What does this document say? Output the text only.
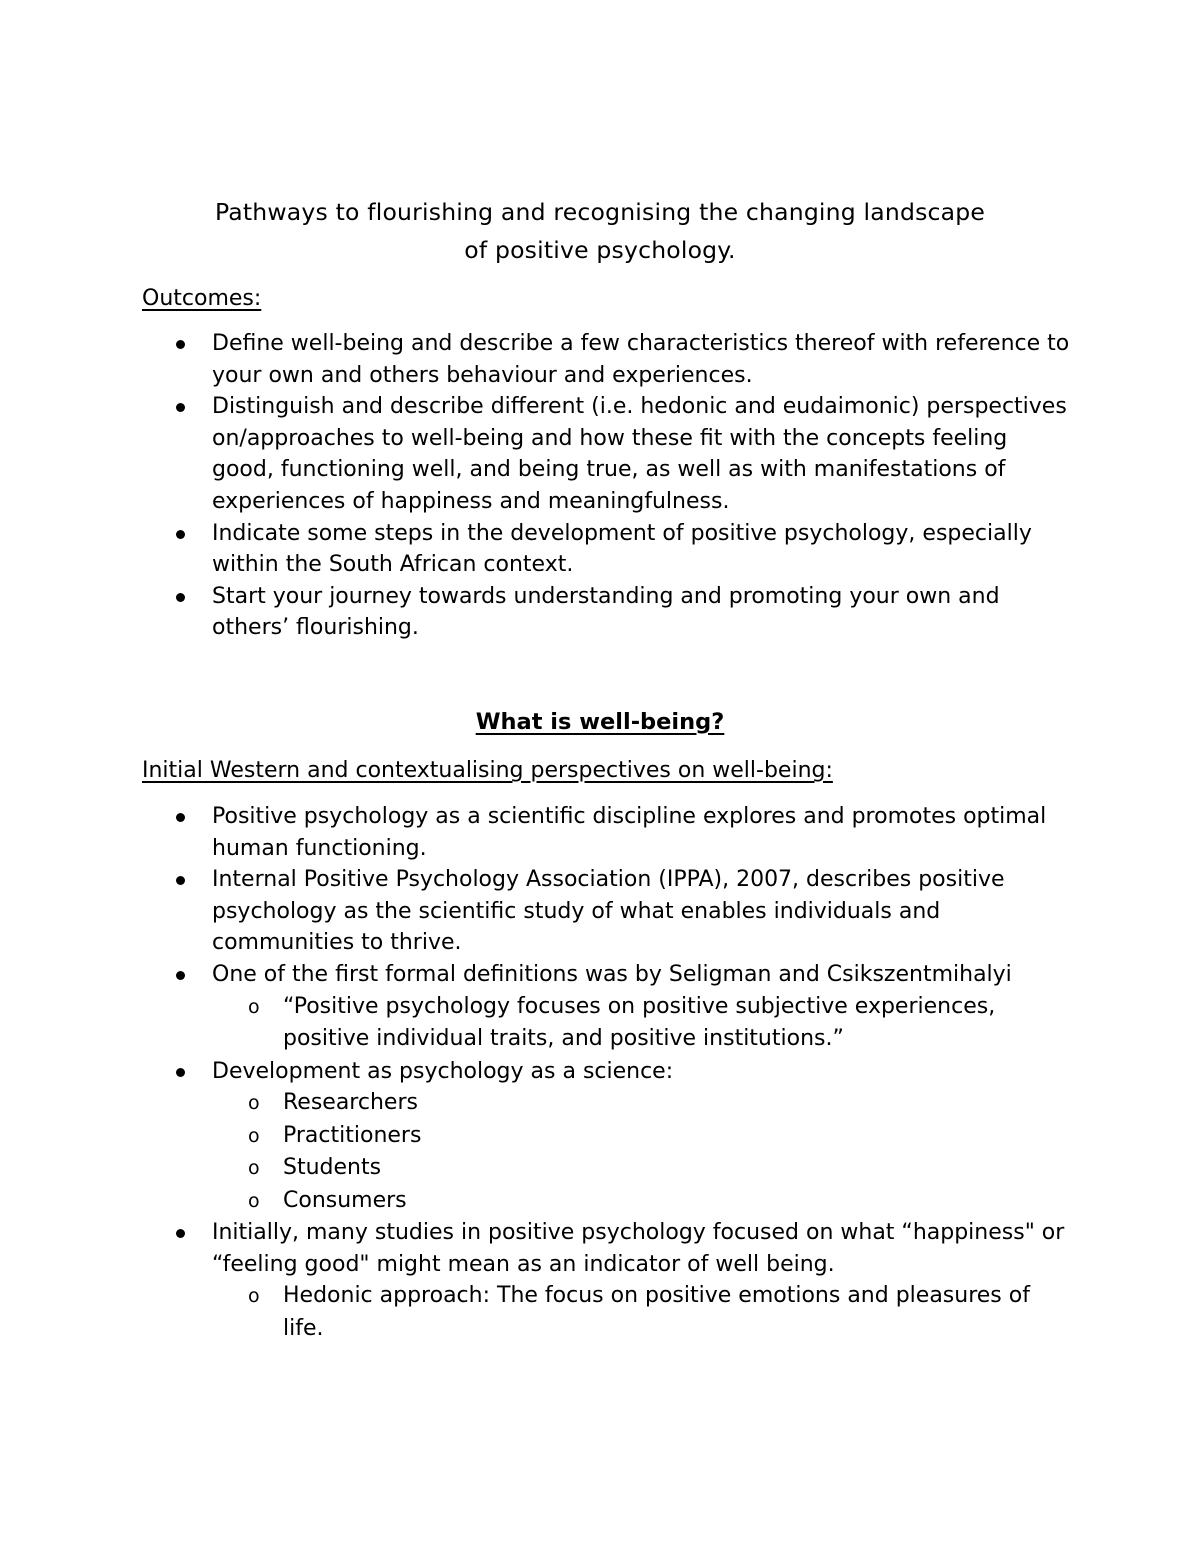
Pathways to flourishing and recognising the changing landscape
of positive psychology.
Outcomes:
Define well-being and describe a few characteristics thereof with reference to your own and others behaviour and experiences.
Distinguish and describe different (i.e. hedonic and eudaimonic) perspectives on/approaches to well-being and how these fit with the concepts feeling good, functioning well, and being true, as well as with manifestations of experiences of happiness and meaningfulness.
Indicate some steps in the development of positive psychology, especially within the South African context.
Start your journey towards understanding and promoting your own and others’ flourishing.
What is well-being?
Initial Western and contextualising perspectives on well-being:
Positive psychology as a scientific discipline explores and promotes optimal human functioning.
Internal Positive Psychology Association (IPPA), 2007, describes positive psychology as the scientific study of what enables individuals and communities to thrive.
One of the first formal definitions was by Seligman and Csikszentmihalyi
o “Positive psychology focuses on positive subjective experiences, positive individual traits, and positive institutions.”
Development as psychology as a science:
o Researchers
o Practitioners
o Students
o Consumers
Initially, many studies in positive psychology focused on what “happiness" or “feeling good" might mean as an indicator of well being.
o Hedonic approach: The focus on positive emotions and pleasures of life.
